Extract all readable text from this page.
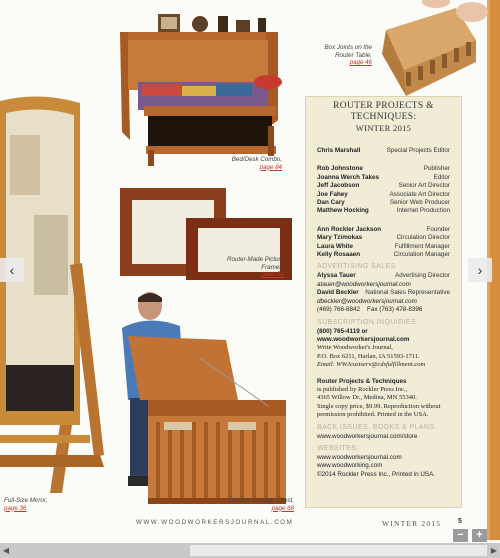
Box Joints on the Router Table,
page 46
Bed/Desk Combo,
page 84
Full-Size Mirror,
page 36
Router-Made Picture Frames,
page 54
Outdoor Storage Chest,
page 68
ROUTER PROJECTS & TECHNIQUES:
WINTER 2015
Chris Marshall	Special Projects Editor
Rob Johnstone	Publisher
Joanna Werch Takes	Editor
Jeff Jacobson	Senior Art Director
Joe Fahey	Associate Art Director
Dan Cary	Senior Web Producer
Matthew Hocking	Internet Production
Ann Rockler Jackson	Founder
Mary Tzimokas	Circulation Director
Laura White	Fulfillment Manager
Kelly Rosaaen	Circulation Manager
ADVERTISING SALES
Alyssa Tauer	Advertising Director
atauer@woodworkersjournal.com
David Beckler National Sales Representative
dbeckler@woodworkersjournal.com
(469) 766-8842    Fax (763) 478-8396
SUBSCRIPTION INQUIRIES
(800) 765-4119 or
www.woodworkersjournal.com
Write Woodworker's Journal,
P.O. Box 6211, Harlan, IA 51593-1711.
Email: WWJcustserv@cdsfulfillment.com
Router Projects & Techniques
is published by Rockler Press Inc.,
4365 Willow Dr., Medina, MN 55340.
Single copy price, $9.99. Reproduction without
permission prohibited. Printed in the USA.
BACK ISSUES, BOOKS & PLANS
www.woodworkersjournal.com/store
WEBSITES:
www.woodworkersjournal.com
www.woodworking.com
©2014 Rockler Press Inc., Printed in USA.
WWW.WOODWORKERSJOURNAL.COM	WINTER 2015 5
‹	›
−	+
◀	▶
